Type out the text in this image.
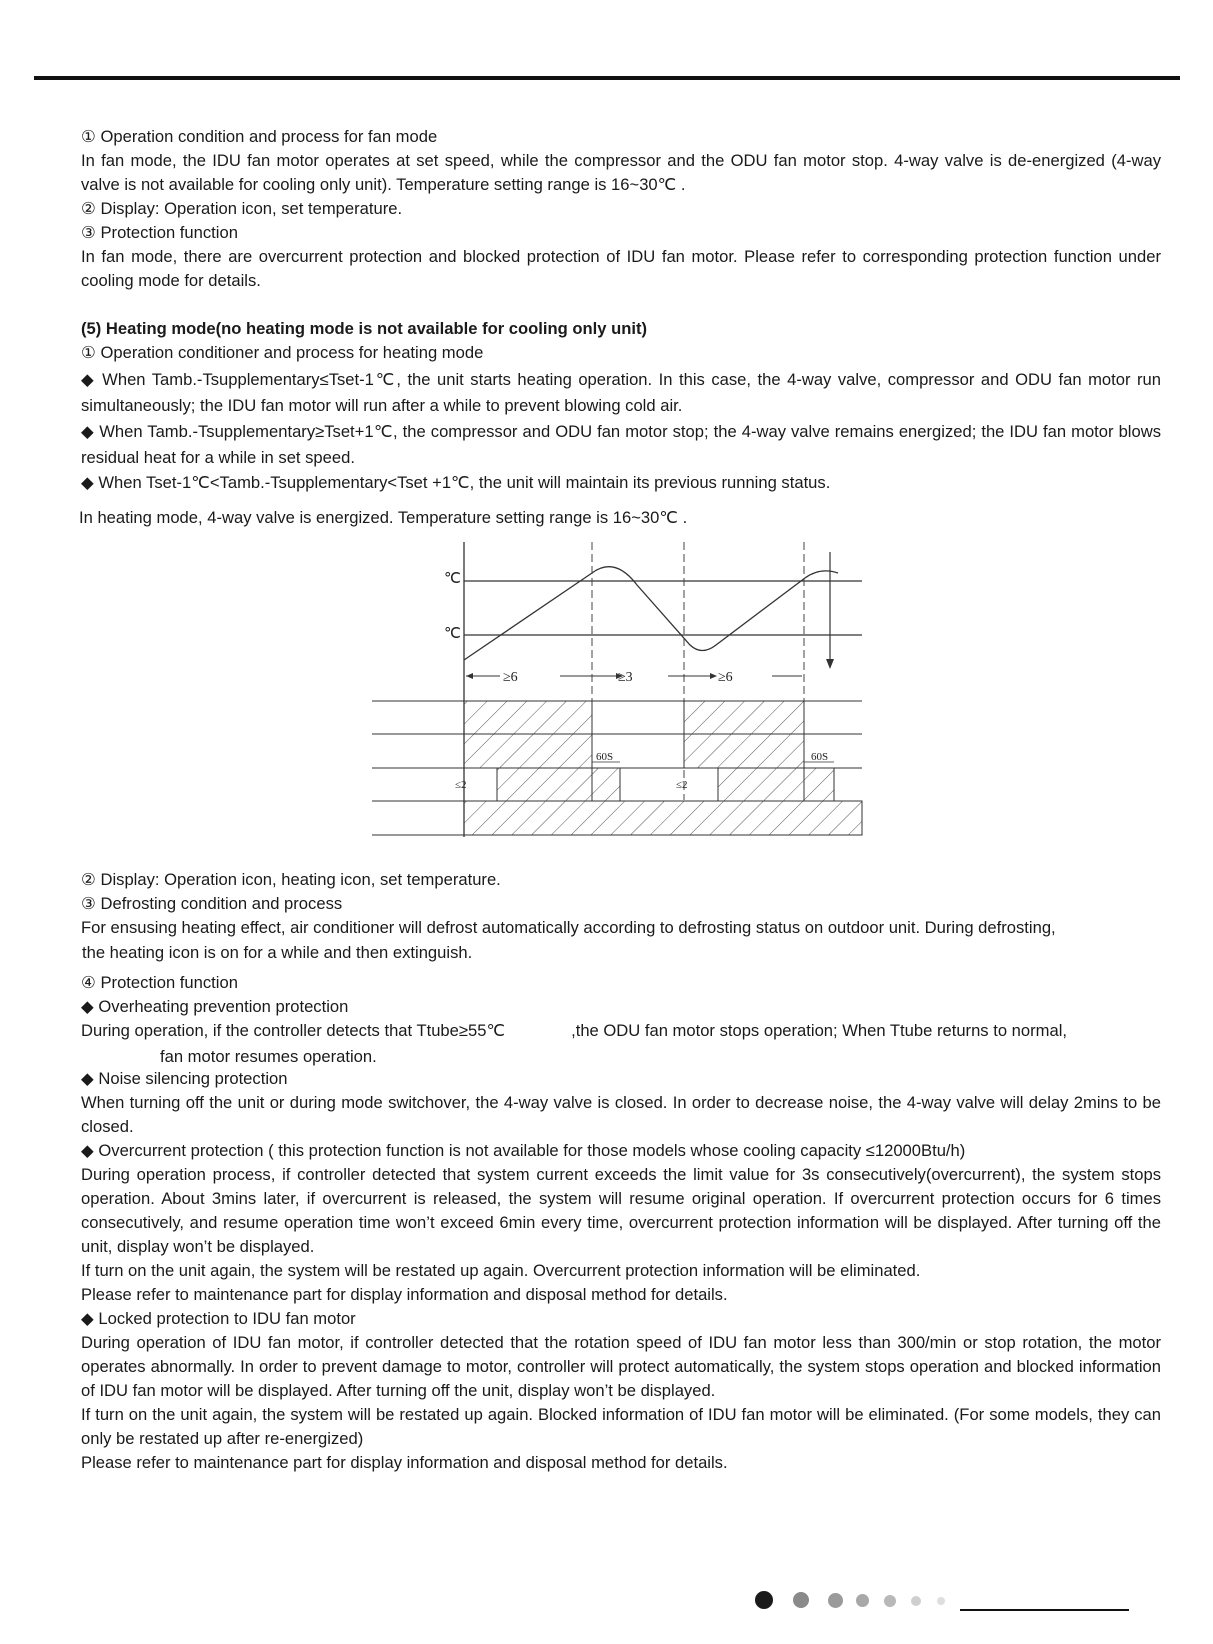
① Operation condition and process for fan mode

In fan mode, the IDU fan motor operates at set speed, while the compressor and the ODU fan motor stop. 4-way valve is de-energized (4-way valve is not available for cooling only unit). Temperature setting range is 16~30℃ .

② Display: Operation icon, set temperature.

③ Protection function

In fan mode, there are overcurrent protection and blocked protection of IDU fan motor. Please refer to corresponding protection function under cooling mode for details.

(5) Heating mode(no heating mode is not available for cooling only unit)

① Operation conditioner and process for heating mode

◆ When Tamb.-Tsupplementary≤Tset-1℃, the unit starts heating operation. In this case, the 4-way valve, compressor and ODU fan motor run simultaneously; the IDU fan motor will run after a while to prevent blowing cold air.

◆ When Tamb.-Tsupplementary≥Tset+1℃, the compressor and ODU fan motor stop; the 4-way valve remains energized; the IDU fan motor blows residual heat for a while in set speed.

◆ When Tset-1℃<Tamb.-Tsupplementary<Tset +1℃, the unit will maintain its previous running status.

In heating mode, 4-way valve is energized. Temperature setting range is 16~30℃ .

℃
℃
≥6	≥3	≥6
60S	60S
≤2	≤2

② Display: Operation icon, heating icon, set temperature.

③ Defrosting condition and process

For ensusing heating effect, air conditioner will defrost automatically according to defrosting status on outdoor unit. During defrosting,

the heating icon is on for a while and then extinguish.

④ Protection function

◆ Overheating prevention protection

During operation, if the controller detects that Ttube≥55℃	,the ODU fan motor stops operation; When Ttube returns to normal,

fan motor resumes operation.

◆ Noise silencing protection

When turning off the unit or during mode switchover, the 4-way valve is closed. In order to decrease noise, the 4-way valve will delay 2mins to be closed.

◆ Overcurrent protection ( this protection function is not available for those models whose cooling capacity ≤12000Btu/h)

During operation process, if controller detected that system current exceeds the limit value for 3s consecutively(overcurrent), the system stops operation. About 3mins later, if overcurrent is released, the system will resume original operation. If overcurrent protection occurs for 6 times consecutively, and resume operation time won’t exceed 6min every time, overcurrent protection information will be displayed. After turning off the unit, display won’t be displayed.

If turn on the unit again, the system will be restated up again. Overcurrent protection information will be eliminated.

Please refer to maintenance part for display information and disposal method for details.

◆ Locked protection to IDU fan motor

During operation of IDU fan motor, if controller detected that the rotation speed of IDU fan motor less than 300/min or stop rotation, the motor operates abnormally. In order to prevent damage to motor, controller will protect automatically, the system stops operation and blocked information of IDU fan motor will be displayed. After turning off the unit, display won’t be displayed.

If turn on the unit again, the system will be restated up again. Blocked information of IDU fan motor will be eliminated. (For some models, they can only be restated up after re-energized)

Please refer to maintenance part for display information and disposal method for details.
